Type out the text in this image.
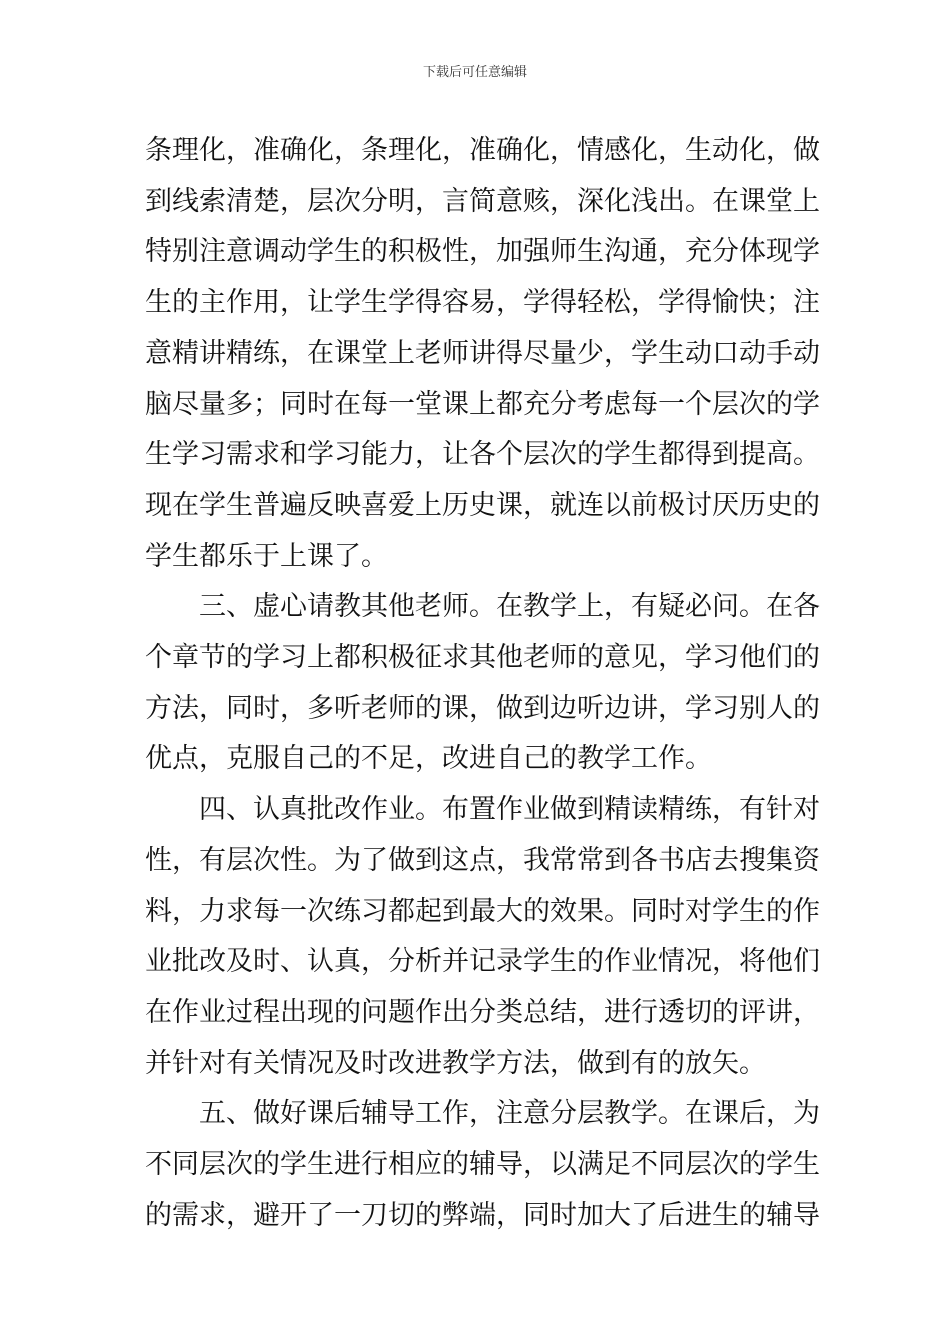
下载后可任意编辑
条理化，准确化，条理化，准确化，情感化，生动化，做
到线索清楚，层次分明，言简意赅，深化浅出。在课堂上
特别注意调动学生的积极性，加强师生沟通，充分体现学
生的主作用，让学生学得容易，学得轻松，学得愉快；注
意精讲精练，在课堂上老师讲得尽量少，学生动口动手动
脑尽量多；同时在每一堂课上都充分考虑每一个层次的学
生学习需求和学习能力，让各个层次的学生都得到提高。
现在学生普遍反映喜爱上历史课，就连以前极讨厌历史的
学生都乐于上课了。
三、虚心请教其他老师。在教学上，有疑必问。在各
个章节的学习上都积极征求其他老师的意见，学习他们的
方法，同时，多听老师的课，做到边听边讲，学习别人的
优点，克服自己的不足，改进自己的教学工作。
四、认真批改作业。布置作业做到精读精练，有针对
性，有层次性。为了做到这点，我常常到各书店去搜集资
料，力求每一次练习都起到最大的效果。同时对学生的作
业批改及时、认真，分析并记录学生的作业情况，将他们
在作业过程出现的问题作出分类总结，进行透切的评讲，
并针对有关情况及时改进教学方法，做到有的放矢。
五、做好课后辅导工作，注意分层教学。在课后，为
不同层次的学生进行相应的辅导，以满足不同层次的学生
的需求，避开了一刀切的弊端，同时加大了后进生的辅导
